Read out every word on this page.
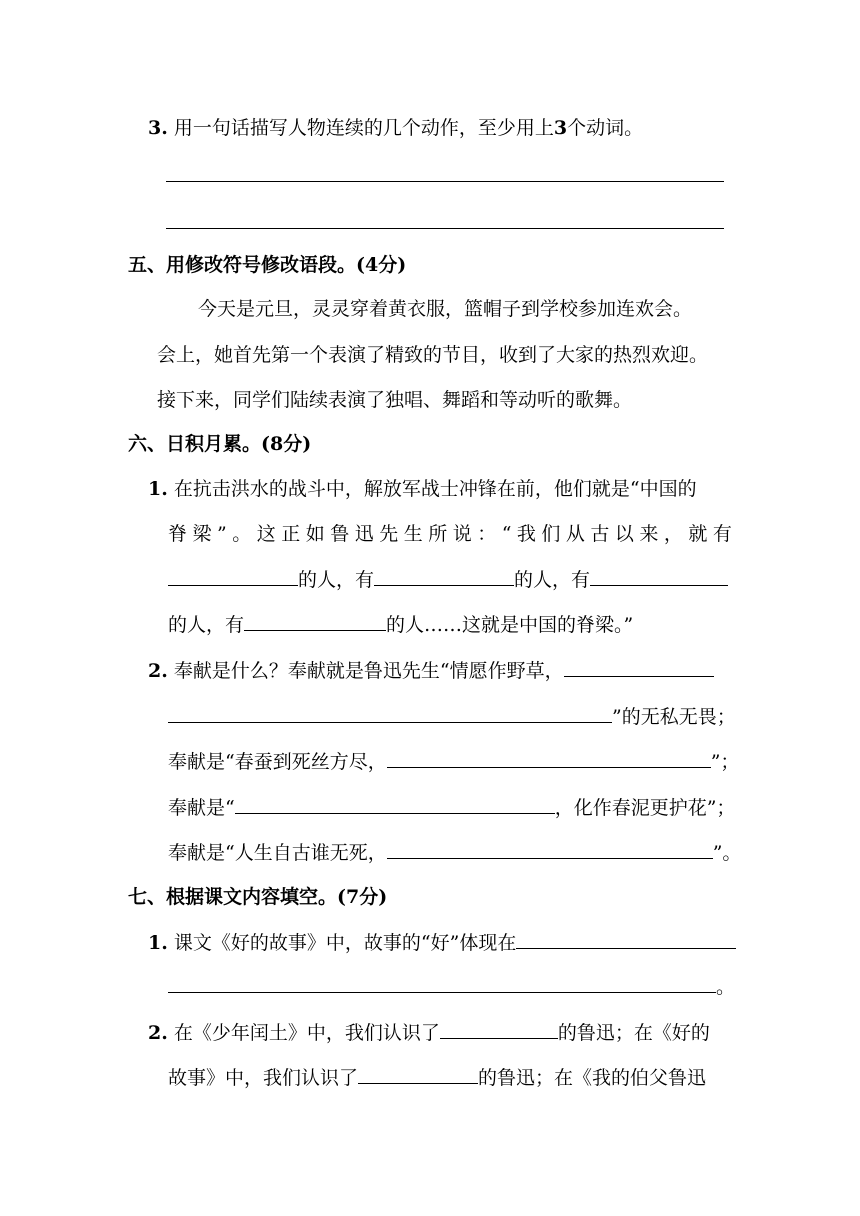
3. 用一句话描写人物连续的几个动作，至少用上3个动词。
五、用修改符号修改语段。(4分)
今天是元旦，灵灵穿着黄衣服，篮帽子到学校参加连欢会。
会上，她首先第一个表演了精致的节目，收到了大家的热烈欢迎。
接下来，同学们陆续表演了独唱、舞蹈和等动听的歌舞。
六、日积月累。(8分)
1. 在抗击洪水的战斗中，解放军战士冲锋在前，他们就是“中国的
脊梁”。这正如鲁迅先生所说：“我们从古以来，就有
的人，有	的人，有
的人，有	的人……这就是中国的脊梁。”
2. 奉献是什么？奉献就是鲁迅先生“情愿作野草，
”的无私无畏；
奉献是“春蚕到死丝方尽，	”；
奉献是“	，化作春泥更护花”；
奉献是“人生自古谁无死，	”。
七、根据课文内容填空。(7分)
1. 课文《好的故事》中，故事的“好”体现在
。
2. 在《少年闰土》中，我们认识了	的鲁迅；在《好的
故事》中，我们认识了	的鲁迅；在《我的伯父鲁迅
